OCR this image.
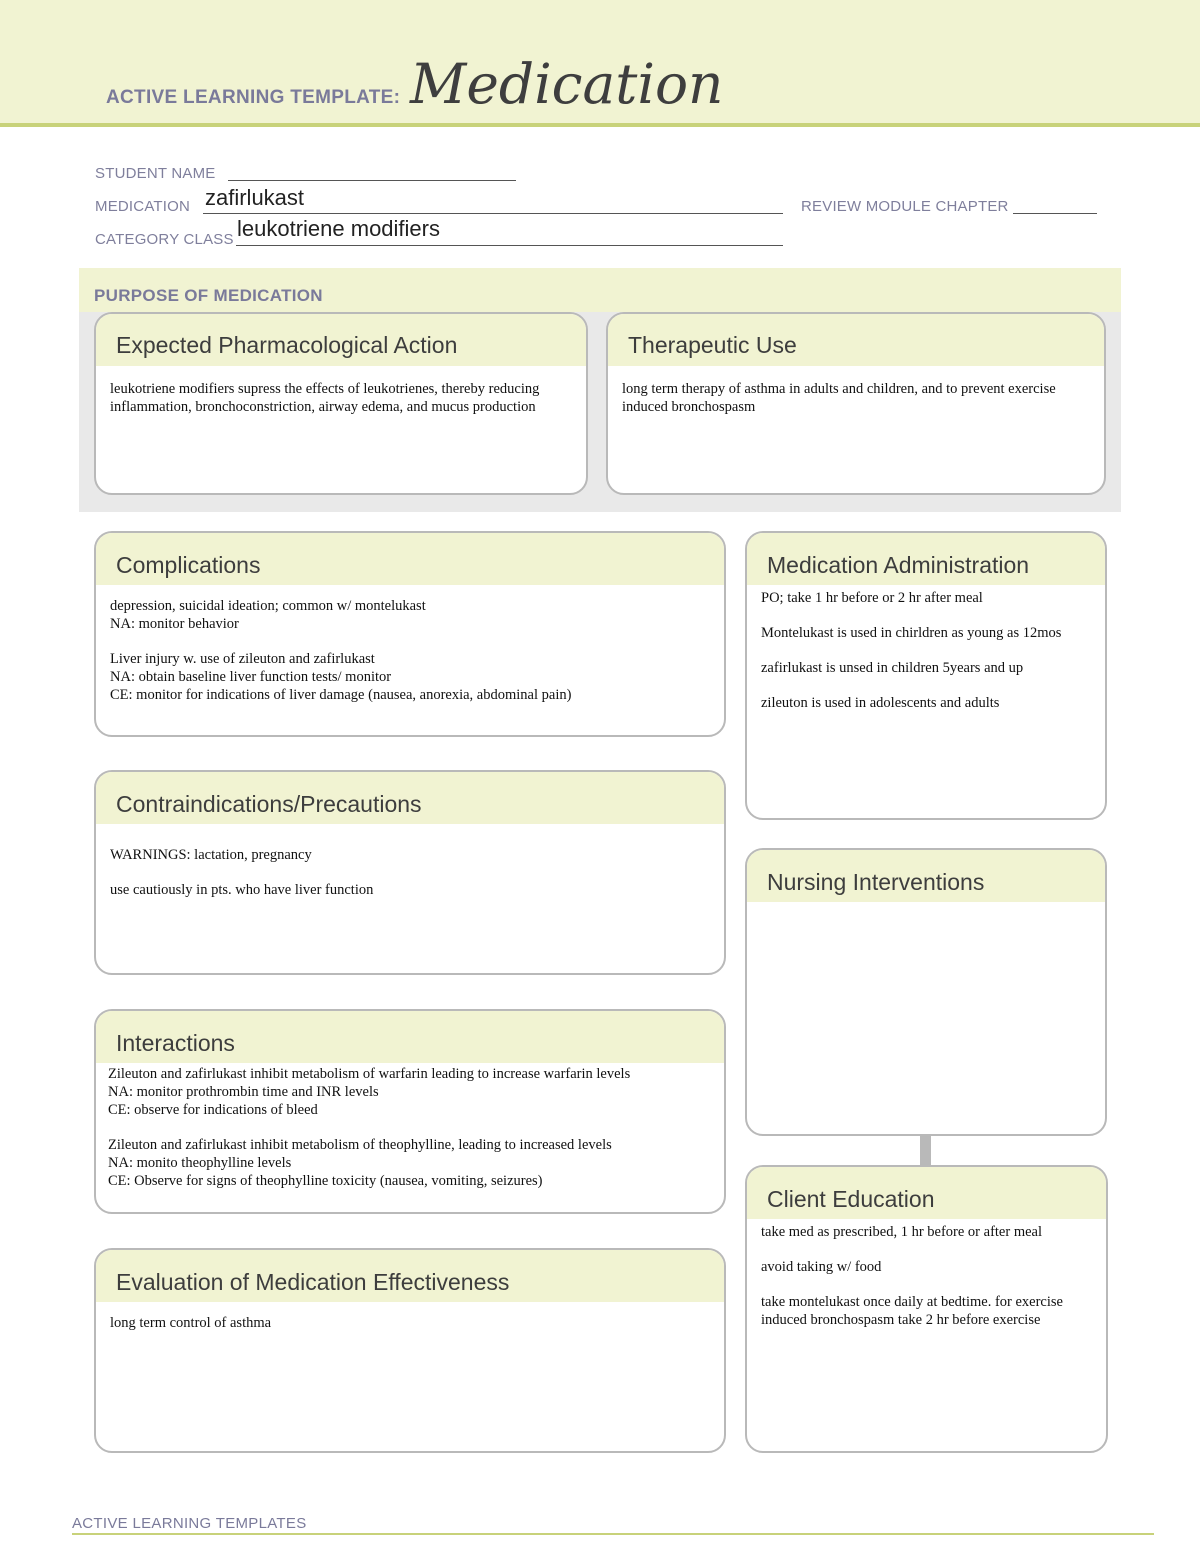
ACTIVE LEARNING TEMPLATE: Medication
STUDENT NAME
MEDICATION zafirlukast	REVIEW MODULE CHAPTER
CATEGORY CLASS leukotriene modifiers
PURPOSE OF MEDICATION
Expected Pharmacological Action
leukotriene modifiers supress the effects of leukotrienes, thereby reducing
inflammation, bronchoconstriction, airway edema, and mucus production
Therapeutic Use
long term therapy of asthma in adults and children, and to prevent exercise
induced bronchospasm
Complications

depression, suicidal ideation; common w/ montelukast
NA: monitor behavior

Liver injury w. use of zileuton and zafirlukast
NA: obtain baseline liver function tests/ monitor
CE: monitor for indications of liver damage (nausea, anorexia, abdominal pain)

Medication Administration

PO; take 1 hr before or 2 hr after meal

Montelukast is used in chirldren as young as 12mos

zafirlukast is unsed in children 5years and up

zileuton is used in adolescents and adults

Contraindications/Precautions

WARNINGS: lactation, pregnancy

use cautiously in pts. who have liver function	Nursing Interventions
Interactions

Zileuton and zafirlukast inhibit metabolism of warfarin leading to increase warfarin levels
NA: monitor prothrombin time and INR levels
CE: observe for indications of bleed

Zileuton and zafirlukast inhibit metabolism of theophylline, leading to increased levels
NA: monito theophylline levels
CE: Observe for signs of theophylline toxicity (nausea, vomiting, seizures)

Client Education

take med as prescribed, 1 hr before or after meal

avoid taking w/ food

take montelukast once daily at bedtime. for exercise
induced bronchospasm take 2 hr before exercise

Evaluation of Medication Effectiveness
long term control of asthma
ACTIVE LEARNING TEMPLATES
